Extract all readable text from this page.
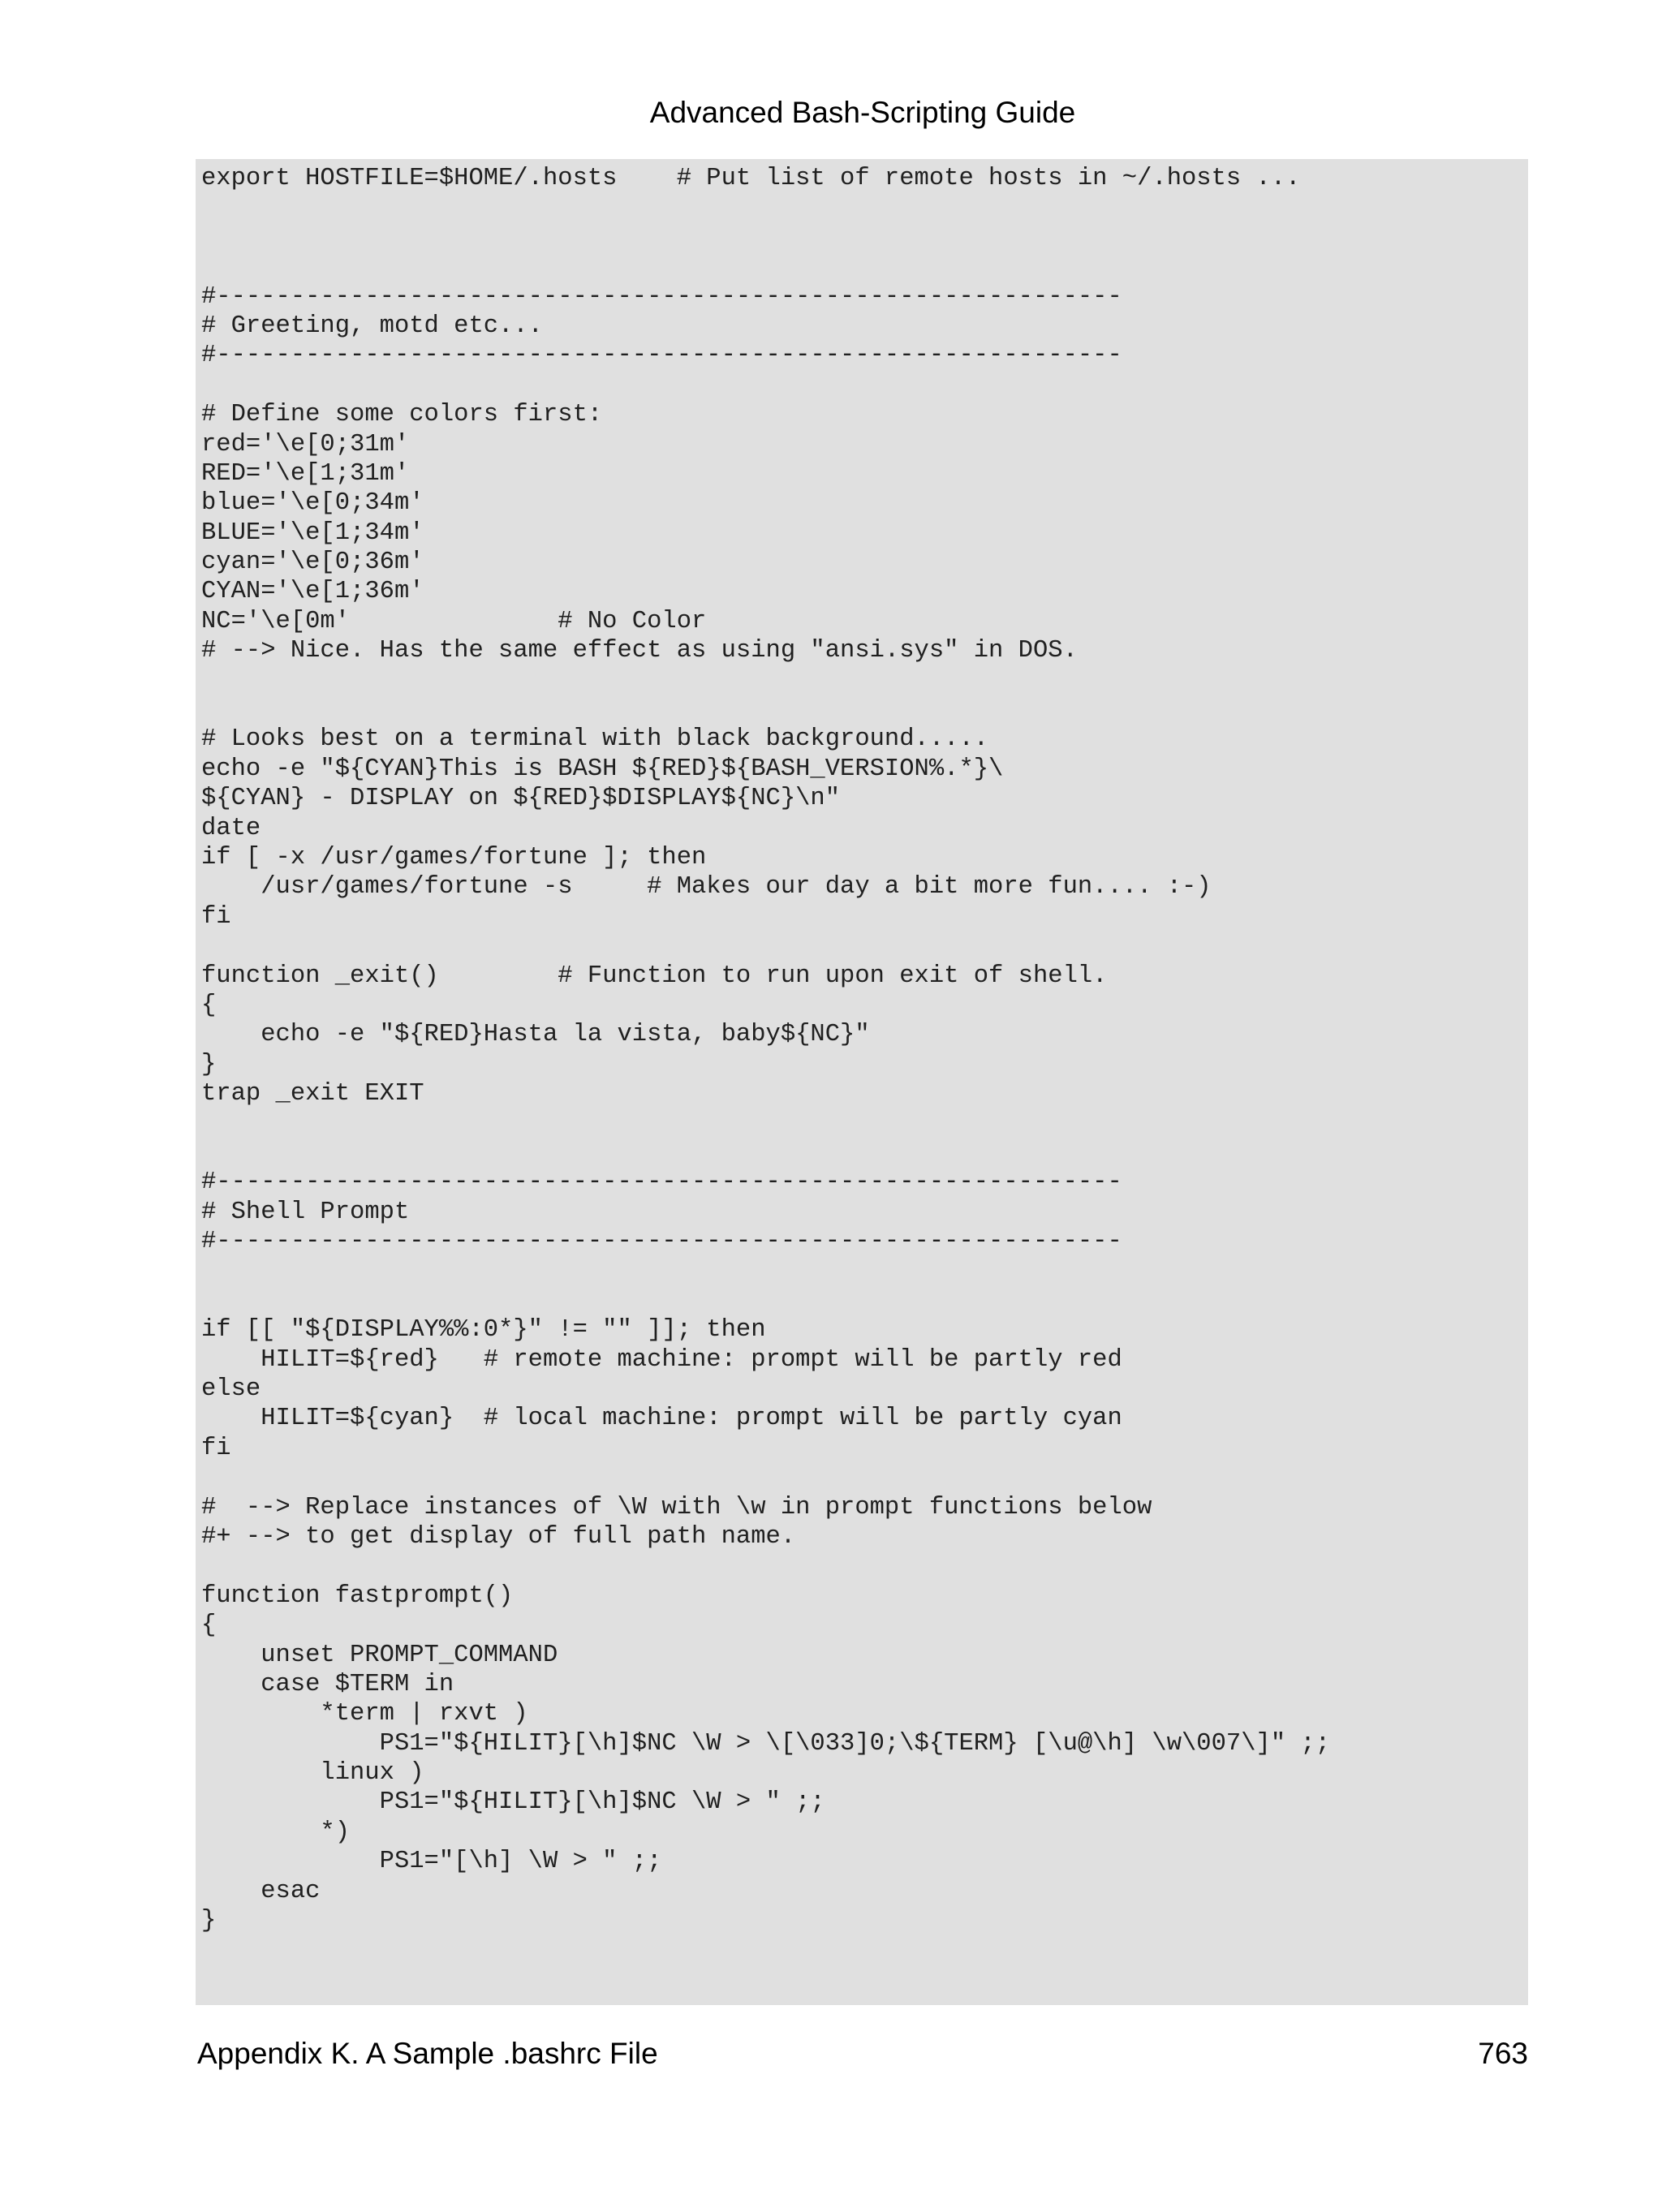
Advanced Bash-Scripting Guide
export HOSTFILE=$HOME/.hosts    # Put list of remote hosts in ~/.hosts ...
#-------------------------------------------------------------
# Greeting, motd etc...
#-------------------------------------------------------------
# Define some colors first:
red='\e[0;31m'
RED='\e[1;31m'
blue='\e[0;34m'
BLUE='\e[1;34m'
cyan='\e[0;36m'
CYAN='\e[1;36m'
NC='\e[0m'              # No Color
# --> Nice. Has the same effect as using "ansi.sys" in DOS.
# Looks best on a terminal with black background.....
echo -e "${CYAN}This is BASH ${RED}${BASH_VERSION%.*}\
${CYAN} - DISPLAY on ${RED}$DISPLAY${NC}\n"
date
if [ -x /usr/games/fortune ]; then
/usr/games/fortune -s     # Makes our day a bit more fun.... :-)
fi
function _exit()        # Function to run upon exit of shell.
{
echo -e "${RED}Hasta la vista, baby${NC}"
}
trap _exit EXIT
#-------------------------------------------------------------
# Shell Prompt
#-------------------------------------------------------------
if [[ "${DISPLAY%%:0*}" != "" ]]; then
HILIT=${red}   # remote machine: prompt will be partly red
else
HILIT=${cyan}  # local machine: prompt will be partly cyan
fi
#  --> Replace instances of \W with \w in prompt functions below
#+ --> to get display of full path name.
function fastprompt()
{
unset PROMPT_COMMAND
case $TERM in
*term | rxvt )
PS1="${HILIT}[\h]$NC \W > \[\033]0;\${TERM} [\u@\h] \w\007\]" ;;
linux )
PS1="${HILIT}[\h]$NC \W > " ;;
*)
PS1="[\h] \W > " ;;
esac
}
Appendix K. A Sample .bashrc File	763
